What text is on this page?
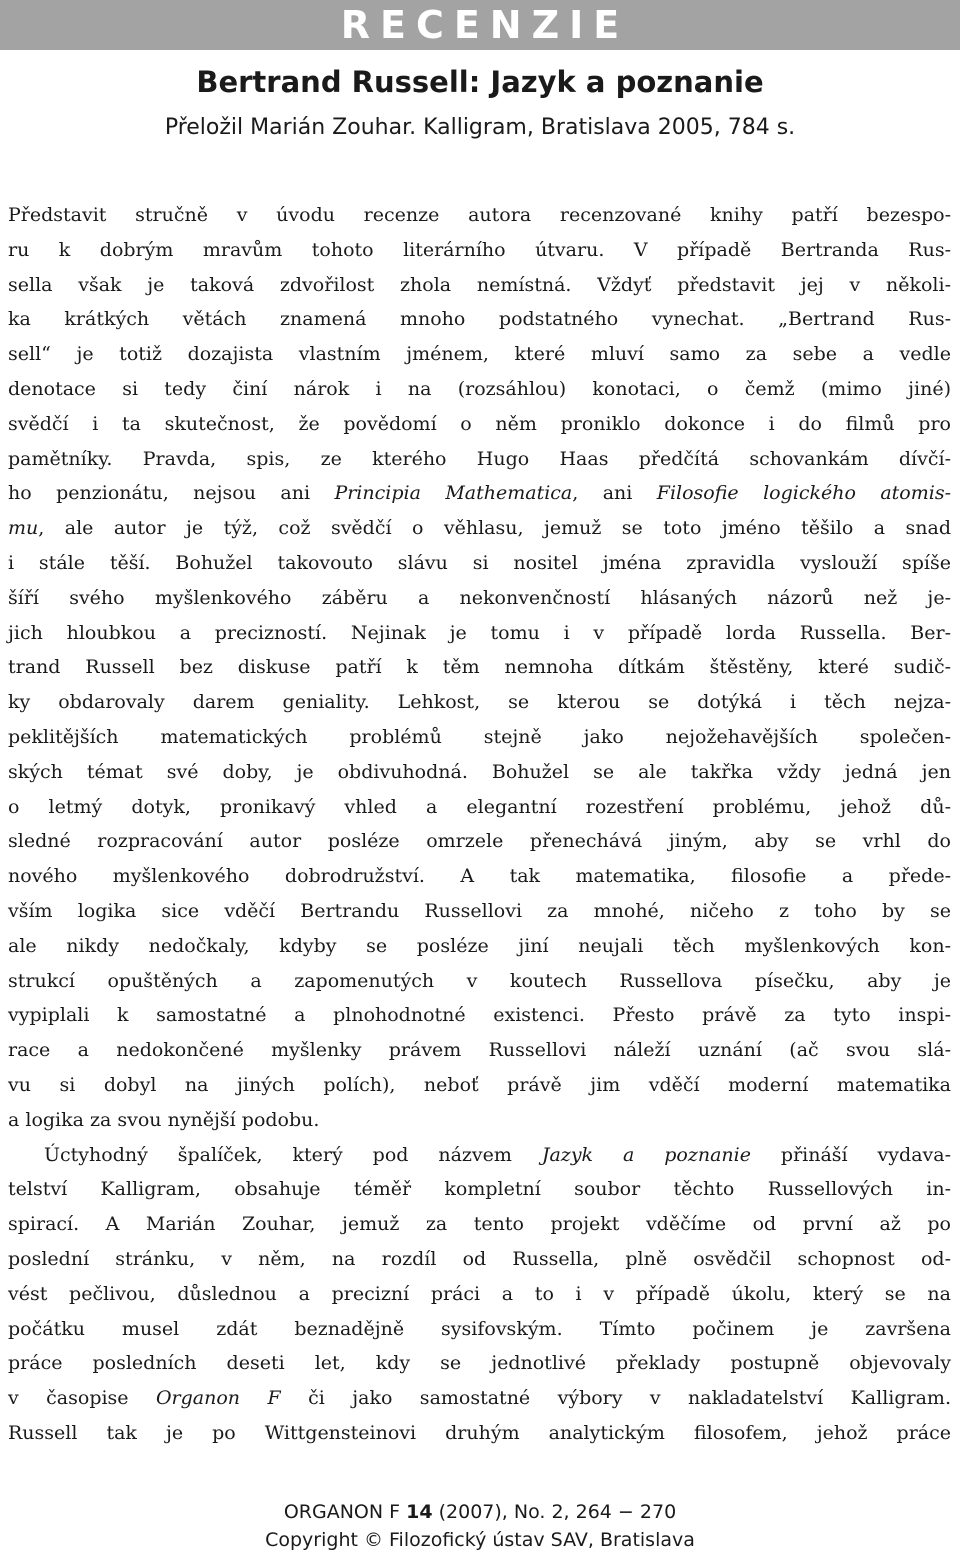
RECENZIE
Bertrand Russell: Jazyk a poznanie
Přeložil Marián Zouhar. Kalligram, Bratislava 2005, 784 s.
Představit stručně v úvodu recenze autora recenzované knihy patří bezespo-
ru k dobrým mravům tohoto literárního útvaru. V případě Bertranda Rus-
sella však je taková zdvořilost zhola nemístná. Vždyť představit jej v několi-
ka krátkých větách znamená mnoho podstatného vynechat. „Bertrand Rus-
sell“ je totiž dozajista vlastním jménem, které mluví samo za sebe a vedle
denotace si tedy činí nárok i na (rozsáhlou) konotaci, o čemž (mimo jiné)
svědčí i ta skutečnost, že povědomí o něm proniklo dokonce i do filmů pro
pamětníky. Pravda, spis, ze kterého Hugo Haas předčítá schovankám dívčí-
ho penzionátu, nejsou ani Principia Mathematica, ani Filosofie logického atomis-
mu, ale autor je týž, což svědčí o věhlasu, jemuž se toto jméno těšilo a snad
i stále těší. Bohužel takovouto slávu si nositel jména zpravidla vyslouží spíše
šíří svého myšlenkového záběru a nekonvenčností hlásaných názorů než je-
jich hloubkou a precizností. Nejinak je tomu i v případě lorda Russella. Ber-
trand Russell bez diskuse patří k těm nemnoha dítkám štěstěny, které sudič-
ky obdarovaly darem geniality. Lehkost, se kterou se dotýká i těch nejza-
peklitějších matematických problémů stejně jako nejožehavějších společen-
ských témat své doby, je obdivuhodná. Bohužel se ale takřka vždy jedná jen
o letmý dotyk, pronikavý vhled a elegantní rozestření problému, jehož dů-
sledné rozpracování autor posléze omrzele přenechává jiným, aby se vrhl do
nového myšlenkového dobrodružství. A tak matematika, filosofie a přede-
vším logika sice vděčí Bertrandu Russellovi za mnohé, ničeho z toho by se
ale nikdy nedočkaly, kdyby se posléze jiní neujali těch myšlenkových kon-
strukcí opuštěných a zapomenutých v koutech Russellova písečku, aby je
vypiplali k samostatné a plnohodnotné existenci. Přesto právě za tyto inspi-
race a nedokončené myšlenky právem Russellovi náleží uznání (ač svou slá-
vu si dobyl na jiných polích), neboť právě jim vděčí moderní matematika
a logika za svou nynější podobu.
Úctyhodný špalíček, který pod názvem Jazyk a poznanie přináší vydava-
telství Kalligram, obsahuje téměř kompletní soubor těchto Russellových in-
spirací. A Marián Zouhar, jemuž za tento projekt vděčíme od první až po
poslední stránku, v něm, na rozdíl od Russella, plně osvědčil schopnost od-
vést pečlivou, důslednou a precizní práci a to i v případě úkolu, který se na
počátku musel zdát beznadějně sysifovským. Tímto počinem je završena
práce posledních deseti let, kdy se jednotlivé překlady postupně objevovaly
v časopise Organon F či jako samostatné výbory v nakladatelství Kalligram.
Russell tak je po Wittgensteinovi druhým analytickým filosofem, jehož práce
ORGANON F 14 (2007), No. 2, 264 − 270
Copyright © Filozofický ústav SAV, Bratislava
